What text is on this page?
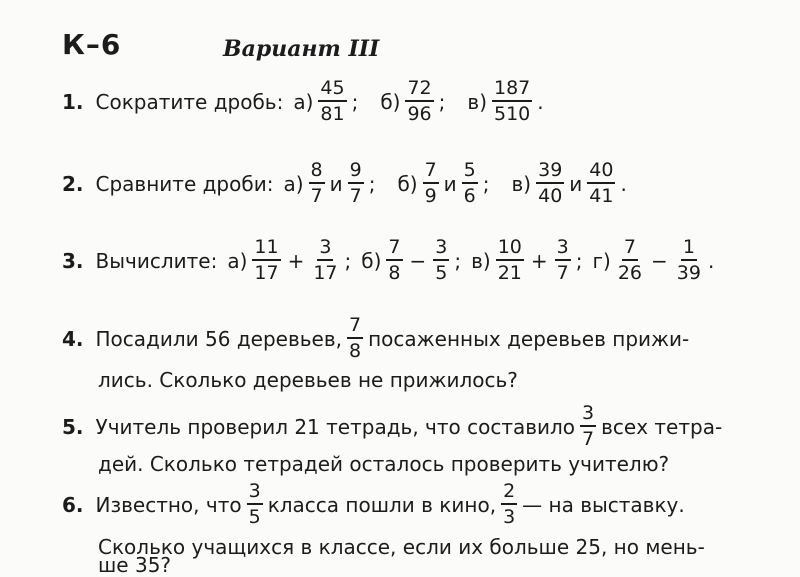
К–6	Вариант III
1. Сократите дробь: $а) \frac{45}{81}$ ; $б) \frac{72}{96}$ ; $в) \frac{187}{510}$ .
2. Сравните дроби: $а) \frac{8}{7}$ и $\frac{9}{7}$ ; $б) \frac{7}{9}$ и $\frac{5}{6}$ ; $в) \frac{39}{40}$ и $\frac{40}{41}$ .
3. Вычислите: $а) \frac{11}{17} + \frac{3}{17}$ ; $б) \frac{7}{8} - \frac{3}{5}$ ; $в) \frac{10}{21} + \frac{3}{7}$ ; $г) \frac{7}{26} - \frac{1}{39}$ .
4. Посадили 56 деревьев, $\frac{7}{8}$ посаженных деревьев прижи-
лись. Сколько деревьев не прижилось?
5. Учитель проверил 21 тетрадь, что составило $\frac{3}{7}$ всех тетра-
дей. Сколько тетрадей осталось проверить учителю?
6. Известно, что $\frac{3}{5}$ класса пошли в кино, $\frac{2}{3}$ — на выставку.
Сколько учащихся в классе, если их больше 25, но мень-
ше 35?
